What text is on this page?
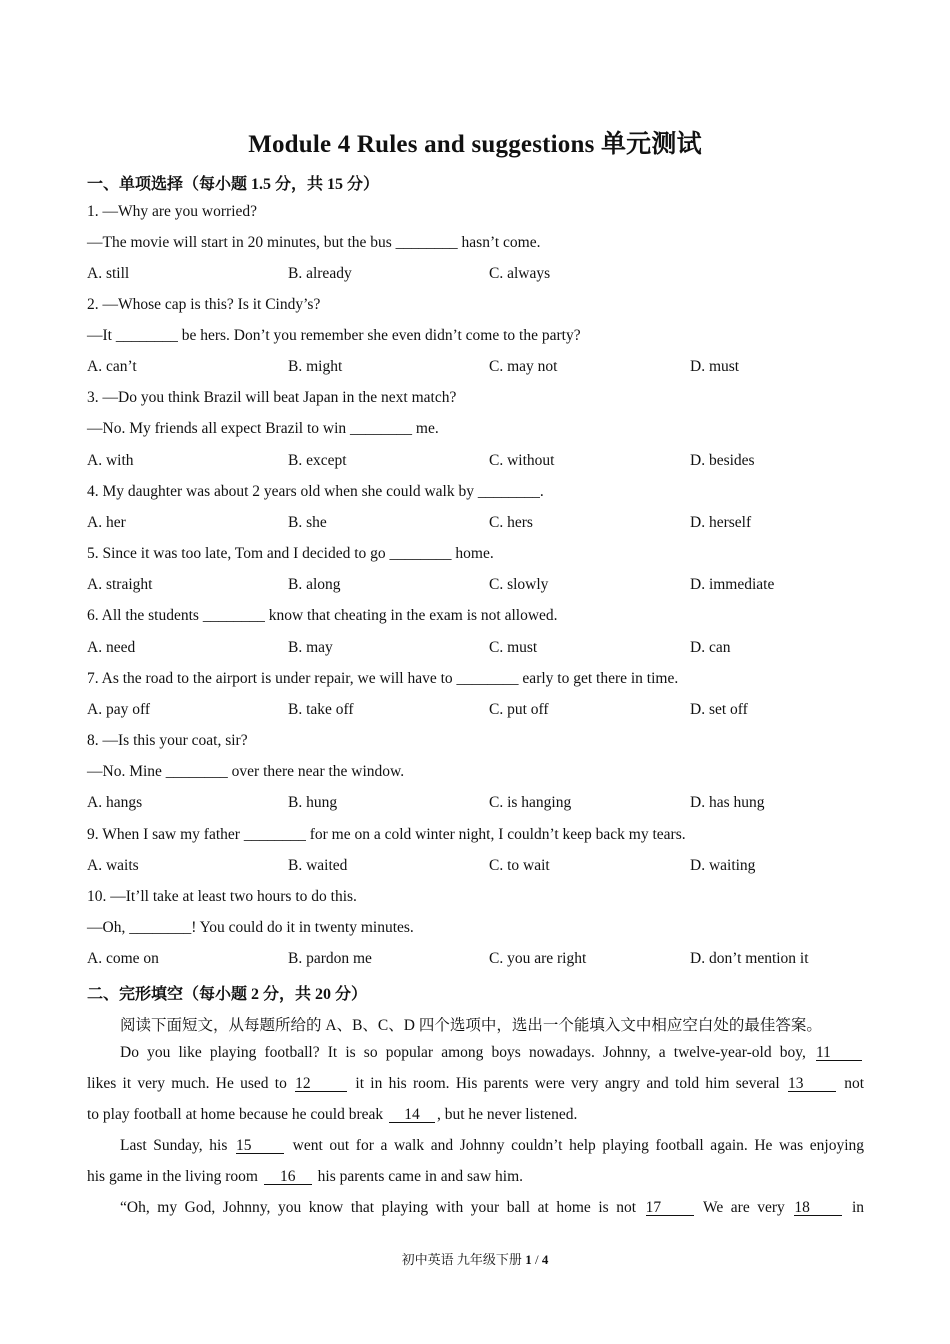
Module 4 Rules and suggestions 单元测试
一、单项选择（每小题 1.5 分，共 15 分）
1. —Why are you worried?
—The movie will start in 20 minutes, but the bus ________ hasn’t come.
A. still	B. already	C. always
2. —Whose cap is this? Is it Cindy’s?
—It ________ be hers. Don’t you remember she even didn’t come to the party?
A. can’t	B. might	C. may not	D. must
3. —Do you think Brazil will beat Japan in the next match?
—No. My friends all expect Brazil to win ________ me.
A. with	B. except	C. without	D. besides
4. My daughter was about 2 years old when she could walk by ________.
A. her	B. she	C. hers	D. herself
5. Since it was too late, Tom and I decided to go ________ home.
A. straight	B. along	C. slowly	D. immediate
6. All the students ________ know that cheating in the exam is not allowed.
A. need	B. may	C. must	D. can
7. As the road to the airport is under repair, we will have to ________ early to get there in time.
A. pay off	B. take off	C. put off	D. set off
8. —Is this your coat, sir?
—No. Mine ________ over there near the window.
A. hangs	B. hung	C. is hanging	D. has hung
9. When I saw my father ________ for me on a cold winter night, I couldn’t keep back my tears.
A. waits	B. waited	C. to wait	D. waiting
10. —It’ll take at least two hours to do this.
—Oh, ________! You could do it in twenty minutes.
A. come on	B. pardon me	C. you are right	D. don’t mention it
二、完形填空（每小题 2 分，共 20 分）
阅读下面短文，从每题所给的 A、B、C、D 四个选项中，选出一个能填入文中相应空白处的最佳答案。
Do you like playing football? It is so popular among boys nowadays. Johnny, a twelve-year-old boy, 11
likes it very much. He used to 12	it in his room. His parents were very angry and told him several 13	not
to play football at home because he could break 14 , but he never listened.
Last Sunday, his 15	went out for a walk and Johnny couldn’t help playing football again. He was enjoying
his game in the living room 16 his parents came in and saw him.
“Oh, my God, Johnny, you know that playing with your ball at home is not 17	We are very 18	in
初中英语 九年级下册 1 / 4
